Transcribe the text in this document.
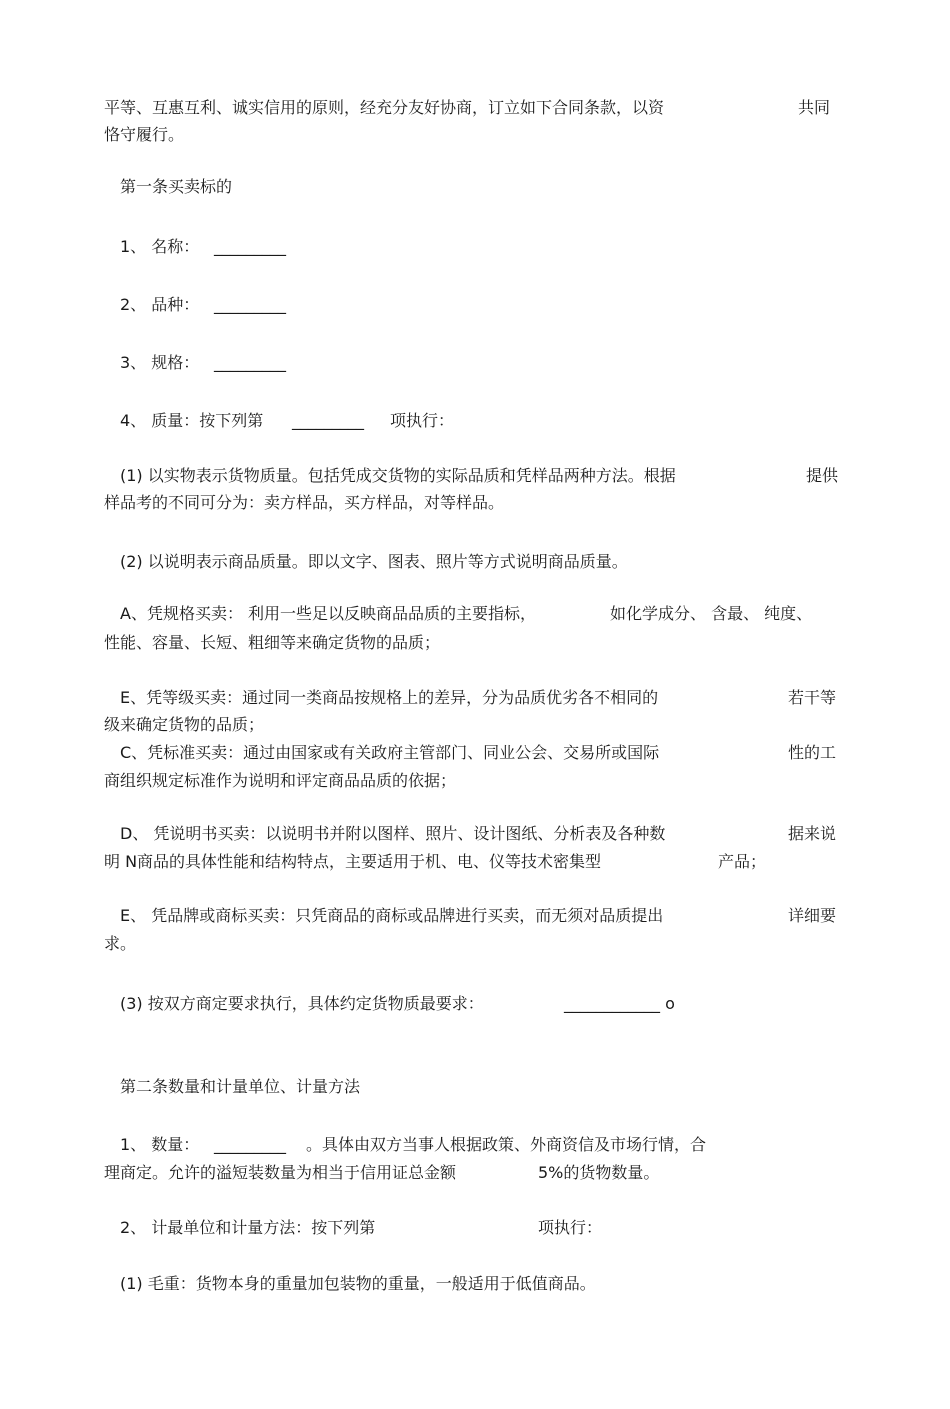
平等、互惠互利、诚实信用的原则，经充分友好协商，订立如下合同条款，以资	共同
恪守履行。
第一条买卖标的
1、 名称： _________
2、 品种： _________
3、 规格： _________
4、 质量：按下列第 _________ 项执行：
(1) 以实物表示货物质量。包括凭成交货物的实际品质和凭样品两种方法。根据	提供
样品考的不同可分为：卖方样品，买方样品，对等样品。
(2) 以说明表示商品质量。即以文字、图表、照片等方式说明商品质量。
A、凭规格买卖： 利用一些足以反映商品品质的主要指标，	如化学成分、 含最、 纯度、
性能、容量、长短、粗细等来确定货物的品质；
E、凭等级买卖：通过同一类商品按规格上的差异，分为品质优劣各不相同的	若干等
级来确定货物的品质；
C、凭标准买卖：通过由国家或有关政府主管部门、同业公会、交易所或国际	性的工
商组织规定标准作为说明和评定商品品质的依据；
D、 凭说明书买卖：以说明书并附以图样、照片、设计图纸、分析表及各种数	据来说
明 N商品的具体性能和结构特点，主要适用于机、电、仪等技术密集型	产品；
E、 凭品牌或商标买卖：只凭商品的商标或品牌进行买卖，而无须对品质提出	详细要
求。
(3) 按双方商定要求执行，具体约定货物质最要求：	____________ o
第二条数量和计量单位、计量方法
1、 数量： _________ 。具体由双方当事人根据政策、外商资信及市场行情，合
理商定。允许的溢短装数量为相当于信用证总金额	5%的货物数量。
2、 计最单位和计量方法：按下列第	项执行：
(1) 毛重：货物本身的重量加包装物的重量，一般适用于低值商品。
